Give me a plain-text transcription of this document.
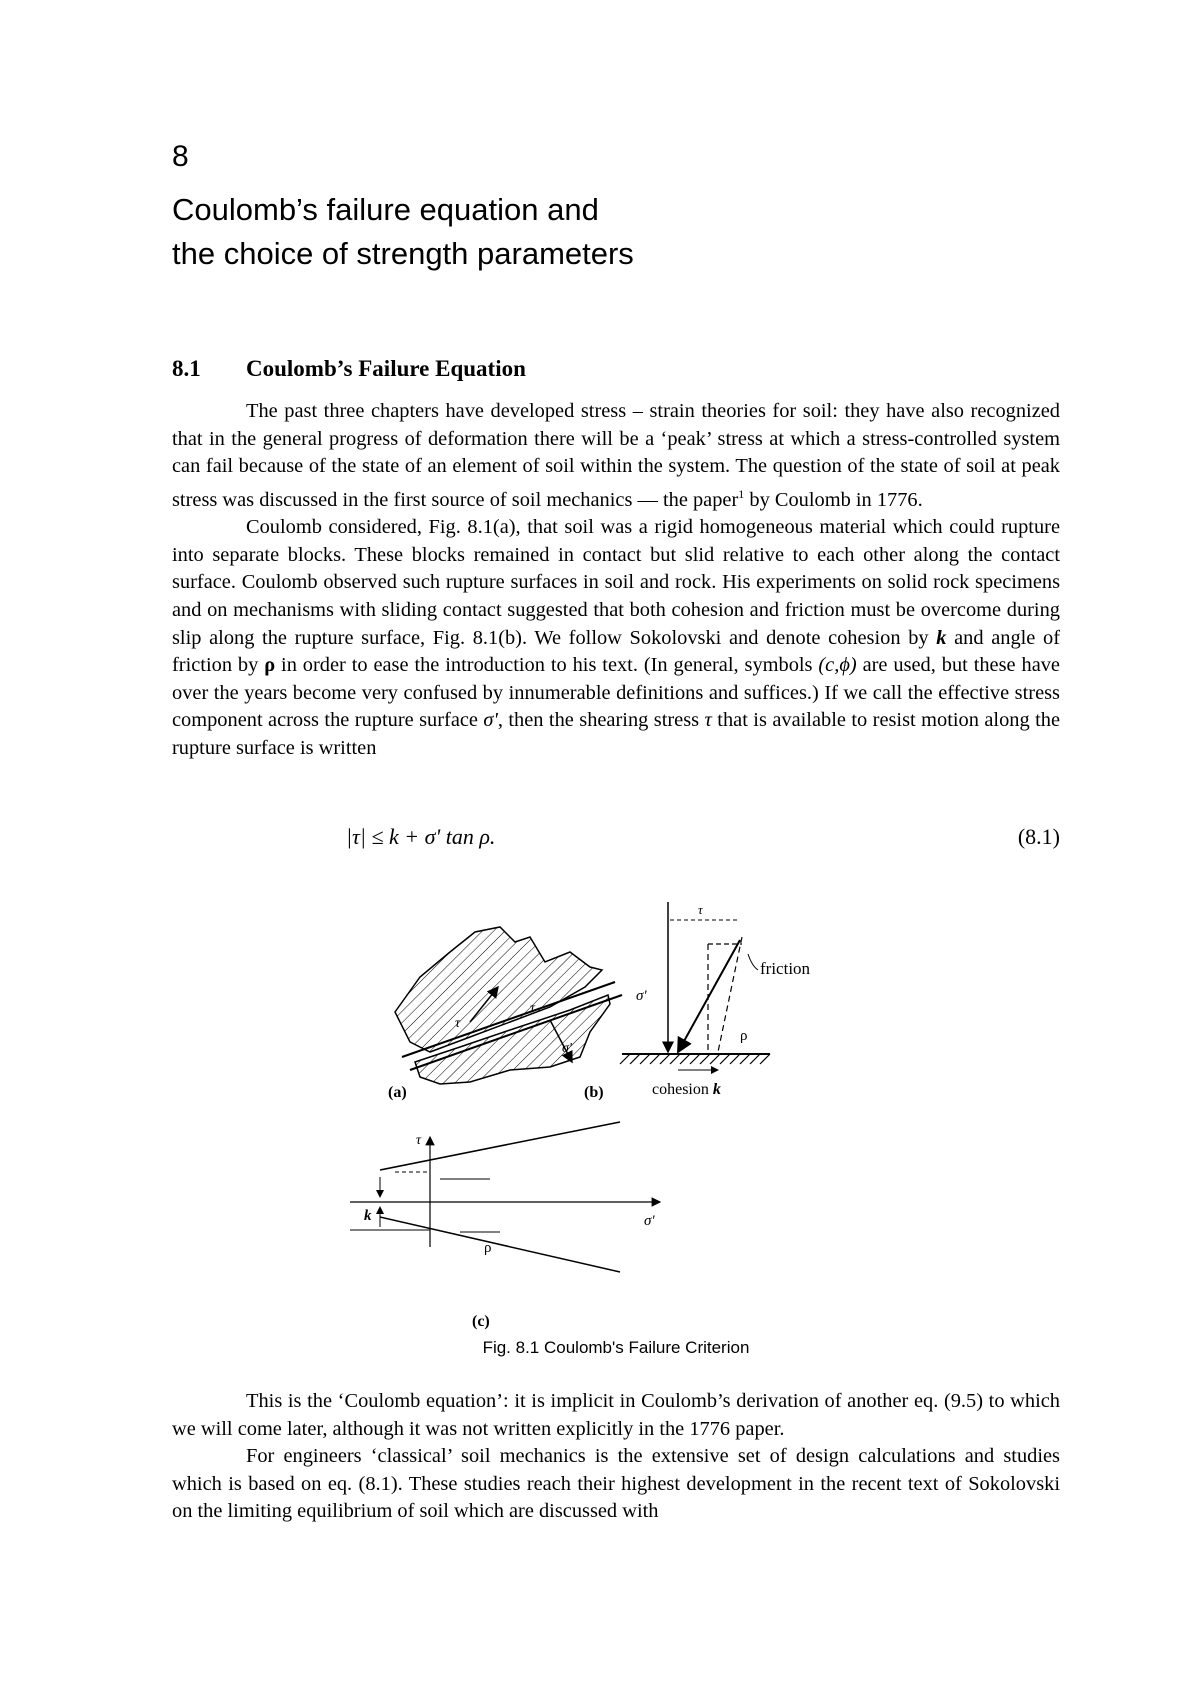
8
Coulomb’s failure equation and
the choice of strength parameters
8.1 Coulomb’s Failure Equation

The past three chapters have developed stress – strain theories for soil: they have also recognized that in the general progress of deformation there will be a ‘peak’ stress at which a stress-controlled system can fail because of the state of an element of soil within the system. The question of the state of soil at peak stress was discussed in the first source of soil mechanics — the paper$^1$ by Coulomb in 1776.

Coulomb considered, Fig. 8.1(a), that soil was a rigid homogeneous material which could rupture into separate blocks. These blocks remained in contact but slid relative to each other along the contact surface. Coulomb observed such rupture surfaces in soil and rock. His experiments on solid rock specimens and on mechanisms with sliding contact suggested that both cohesion and friction must be overcome during slip along the rupture surface, Fig. 8.1(b). We follow Sokolovski and denote cohesion by k and angle of friction by ρ in order to ease the introduction to his text. (In general, symbols (c,ϕ) are used, but these have over the years become very confused by innumerable definitions and suffices.) If we call the effective stress component across the rupture surface σ', then the shearing stress τ that is available to resist motion along the rupture surface is written

|τ| ≤ k + σ' tan ρ.	(8.1)
τ
τ
σ'
(a)
τ
σ'
friction
ρ
cohesion k
(b)
k
τ
σ'
ρ
(c)

Fig. 8.1 Coulomb's Failure Criterion

This is the ‘Coulomb equation’: it is implicit in Coulomb’s derivation of another eq. (9.5) to which we will come later, although it was not written explicitly in the 1776 paper.

For engineers ‘classical’ soil mechanics is the extensive set of design calculations and studies which is based on eq. (8.1). These studies reach their highest development in the recent text of Sokolovski on the limiting equilibrium of soil which are discussed with
